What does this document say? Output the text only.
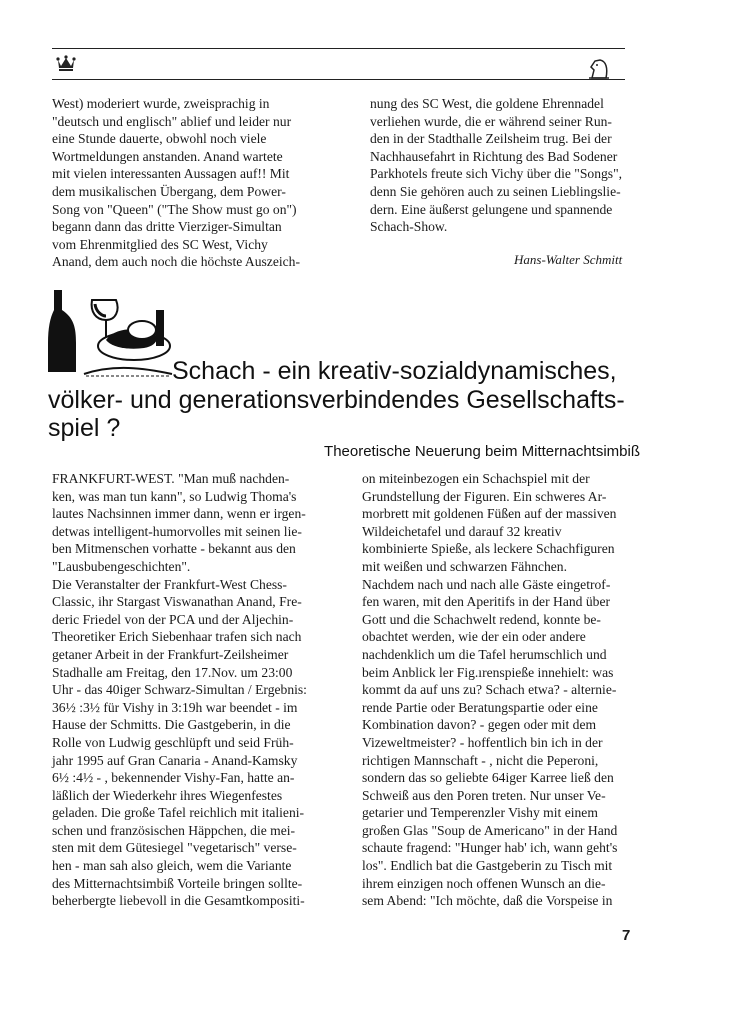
West) moderiert wurde, zweisprachig in
"deutsch und englisch" ablief und leider nur
eine Stunde dauerte, obwohl noch viele
Wortmeldungen anstanden. Anand wartete
mit vielen interessanten Aussagen auf!! Mit
dem musikalischen Übergang, dem Power-
Song von "Queen" ("The Show must go on")
begann dann das dritte Vierziger-Simultan
vom Ehrenmitglied des SC West, Vichy
Anand, dem auch noch die höchste Auszeich-
nung des SC West, die goldene Ehrennadel
verliehen wurde, die er während seiner Run-
den in der Stadthalle Zeilsheim trug. Bei der
Nachhausefahrt in Richtung des Bad Sodener
Parkhotels freute sich Vichy über die "Songs",
denn Sie gehören auch zu seinen Lieblingslie-
dern. Eine äußerst gelungene und spannende
Schach-Show.
Hans-Walter Schmitt
Schach - ein kreativ-sozialdynamisches,
völker- und generationsverbindendes Gesellschafts-
spiel ?
Theoretische Neuerung beim Mitternachtsimbiß
FRANKFURT-WEST. "Man muß nachden-
ken, was man tun kann", so Ludwig Thoma's
lautes Nachsinnen immer dann, wenn er irgen-
detwas intelligent-humorvolles mit seinen lie-
ben Mitmenschen vorhatte - bekannt aus den
"Lausbubengeschichten".
Die Veranstalter der Frankfurt-West Chess-
Classic, ihr Stargast Viswanathan Anand, Fre-
deric Friedel von der PCA und der Aljechin-
Theoretiker Erich Siebenhaar trafen sich nach
getaner Arbeit in der Frankfurt-Zeilsheimer
Stadhalle am Freitag, den 17.Nov. um 23:00
Uhr - das 40iger Schwarz-Simultan / Ergebnis:
36½ :3½ für Vishy in 3:19h war beendet - im
Hause der Schmitts. Die Gastgeberin, in die
Rolle von Ludwig geschlüpft und seid Früh-
jahr 1995 auf Gran Canaria - Anand-Kamsky
6½ :4½ - , bekennender Vishy-Fan, hatte an-
läßlich der Wiederkehr ihres Wiegenfestes
geladen. Die große Tafel reichlich mit italieni-
schen und französischen Häppchen, die mei-
sten mit dem Gütesiegel "vegetarisch" verse-
hen - man sah also gleich, wem die Variante
des Mitternachtsimbiß Vorteile bringen sollte-
beherbergte liebevoll in die Gesamtkompositi-
on miteinbezogen ein Schachspiel mit der
Grundstellung der Figuren. Ein schweres Ar-
morbrett mit goldenen Füßen auf der massiven
Wildeichetafel und darauf 32 kreativ
kombinierte Spieße, als leckere Schachfiguren
mit weißen und schwarzen Fähnchen.
Nachdem nach und nach alle Gäste eingetrof-
fen waren, mit den Aperitifs in der Hand über
Gott und die Schachwelt redend, konnte be-
obachtet werden, wie der ein oder andere
nachdenklich um die Tafel herumschlich und
beim Anblick ler Fig.ırenspieße innehielt: was
kommt da auf uns zu? Schach etwa? - alternie-
rende Partie oder Beratungspartie oder eine
Kombination davon? - gegen oder mit dem
Vizeweltmeister? - hoffentlich bin ich in der
richtigen Mannschaft - , nicht die Peperoni,
sondern das so geliebte 64iger Karree ließ den
Schweiß aus den Poren treten. Nur unser Ve-
getarier und Temperenzler Vishy mit einem
großen Glas "Soup de Americano" in der Hand
schaute fragend: "Hunger hab' ich, wann geht's
los". Endlich bat die Gastgeberin zu Tisch mit
ihrem einzigen noch offenen Wunsch an die-
sem Abend: "Ich möchte, daß die Vorspeise in
7
